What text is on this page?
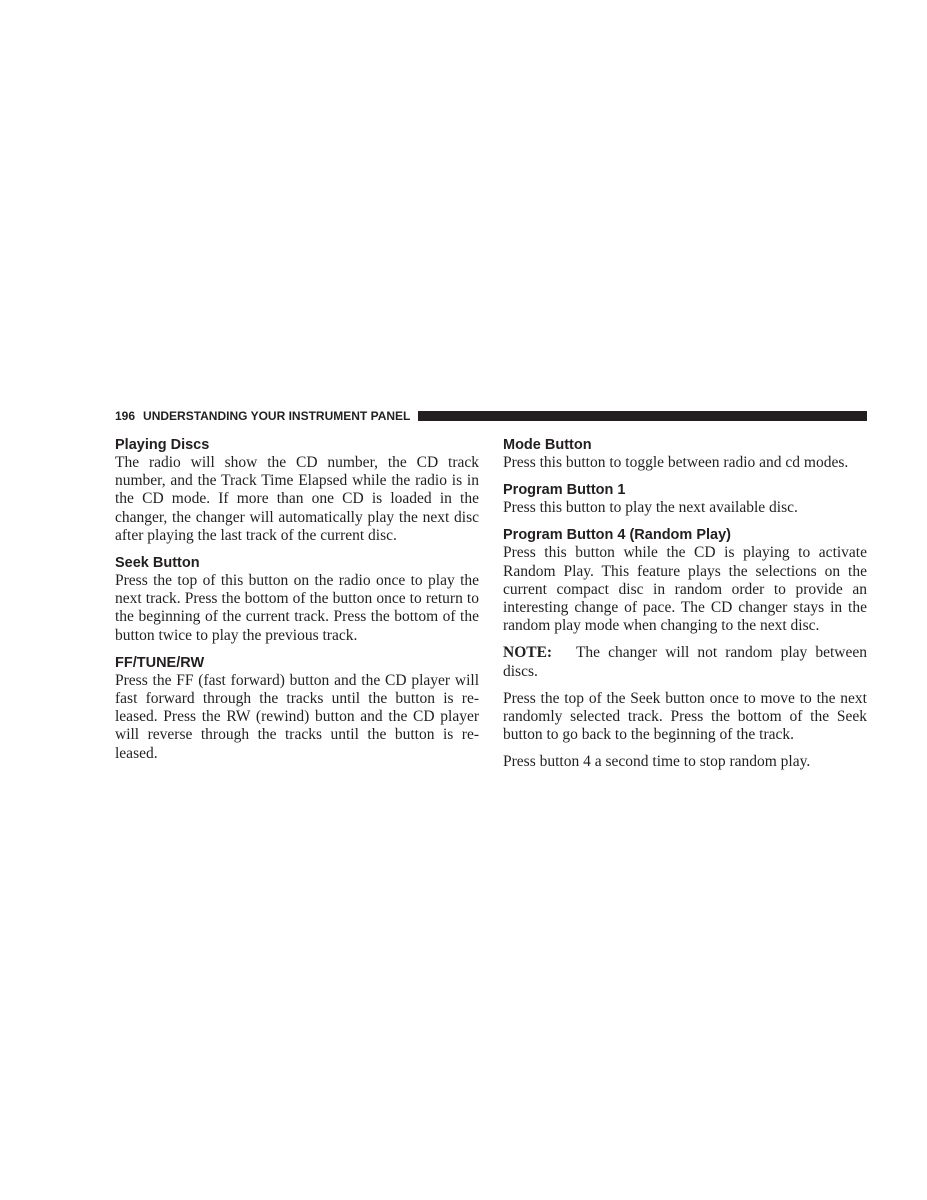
196 UNDERSTANDING YOUR INSTRUMENT PANEL
Playing Discs

The radio will show the CD number, the CD track number, and the Track Time Elapsed while the radio is in the CD mode. If more than one CD is loaded in the changer, the changer will automatically play the next disc after playing the last track of the current disc.

Seek Button

Press the top of this button on the radio once to play the next track. Press the bottom of the button once to return to the beginning of the current track. Press the bottom of the button twice to play the previous track.

FF/TUNE/RW

Press the FF (fast forward) button and the CD player will fast forward through the tracks until the button is re-leased. Press the RW (rewind) button and the CD player will reverse through the tracks until the button is re-leased.

Mode Button

Press this button to toggle between radio and cd modes.

Program Button 1

Press this button to play the next available disc.

Program Button 4 (Random Play)

Press this button while the CD is playing to activate Random Play. This feature plays the selections on the current compact disc in random order to provide an interesting change of pace. The CD changer stays in the random play mode when changing to the next disc.

NOTE: The changer will not random play between discs.

Press the top of the Seek button once to move to the next randomly selected track. Press the bottom of the Seek button to go back to the beginning of the track.

Press button 4 a second time to stop random play.
